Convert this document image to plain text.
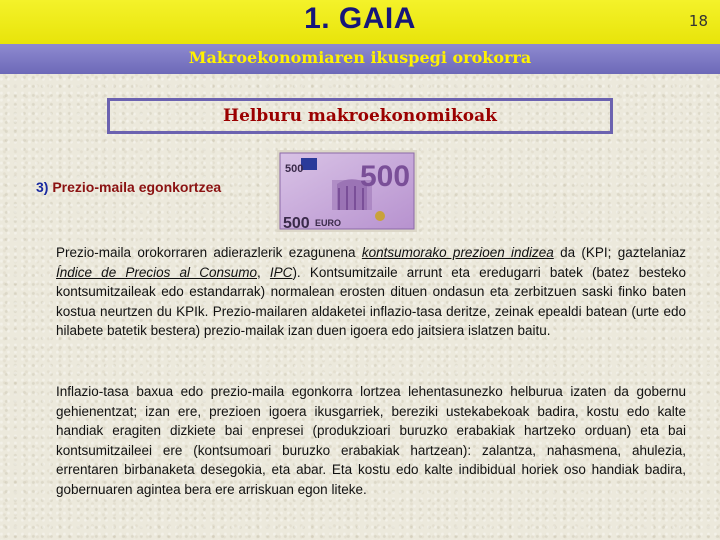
1. GAIA	18
Makroekonomiaren ikuspegi orokorra
Helburu makroekonomikoak
3) Prezio-maila egonkortzea
500 500
500 EURO
Prezio-maila orokorraren adierazlerik ezagunena kontsumorako prezioen indizea da (KPI; gaztelaniaz Índice de Precios al Consumo, IPC). Kontsumitzaile arrunt eta eredugarri batek (batez besteko kontsumitzaileak edo estandarrak) normalean erosten dituen ondasun eta zerbitzuen saski finko baten kostua neurtzen du KPIk. Prezio-mailaren aldaketei inflazio-tasa deritze, zeinak epealdi batean (urte edo hilabete batetik bestera) prezio-mailak izan duen igoera edo jaitsiera islatzen baitu.
Inflazio-tasa baxua edo prezio-maila egonkorra lortzea lehentasunezko helburua izaten da gobernu gehienentzat; izan ere, prezioen igoera ikusgarriek, bereziki ustekabekoak badira, kostu edo kalte handiak eragiten dizkiete bai enpresei (produkzioari buruzko erabakiak hartzeko orduan) eta bai kontsumitzaileei ere (kontsumoari buruzko erabakiak hartzean): zalantza, nahasmena, ahulezia, errentaren birbanaketa desegokia, eta abar. Eta kostu edo kalte indibidual horiek oso handiak badira, gobernuaren agintea bera ere arriskuan egon liteke.
